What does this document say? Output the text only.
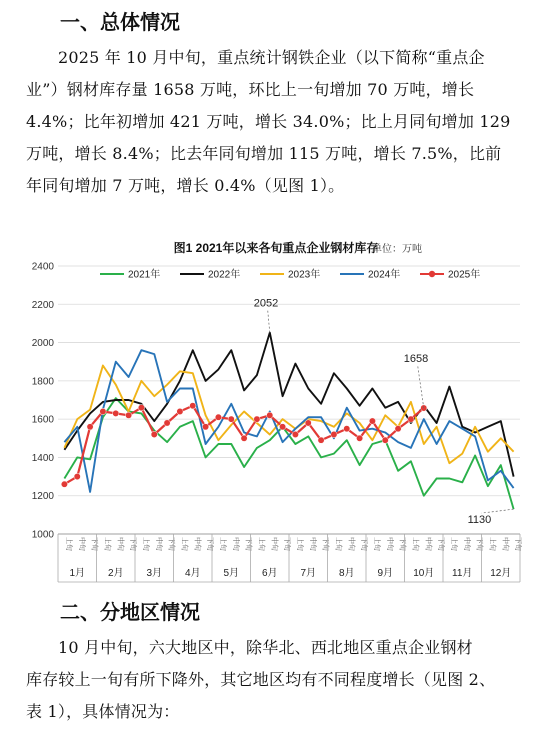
一、总体情况
2025 年 10 月中旬，重点统计钢铁企业（以下简称“重点企
业”）钢材库存量 1658 万吨，环比上一旬增加 70 万吨，增长
4.4%；比年初增加 421 万吨，增长 34.0%；比上月同旬增加 129
万吨，增长 8.4%；比去年同旬增加 115 万吨，增长 7.5%，比前
年同旬增加 7 万吨，增长 0.4%（见图 1）。
图1 2021年以来各旬重点企业钢材库存
单位：万吨
1000
1200
1400
1600
1800
2000
2200
2400
上旬 中旬 下旬 上旬 中旬 下旬 上旬 中旬 下旬 上旬 中旬 下旬 上旬 中旬 下旬 上旬 中旬 下旬 上旬 中旬 下旬 上旬 中旬 下旬 上旬 中旬 下旬 上旬 中旬 下旬 上旬 中旬 下旬 上旬 中旬 下旬
1月 2月 3月 4月 5月 6月 7月 8月 9月 10月 11月 12月
2021年	2022年	2023年	2024年	2025年
2052
1658
1130
二、分地区情况
10 月中旬，六大地区中，除华北、西北地区重点企业钢材
库存较上一旬有所下降外，其它地区均有不同程度增长（见图 2、
表 1），具体情况为：
